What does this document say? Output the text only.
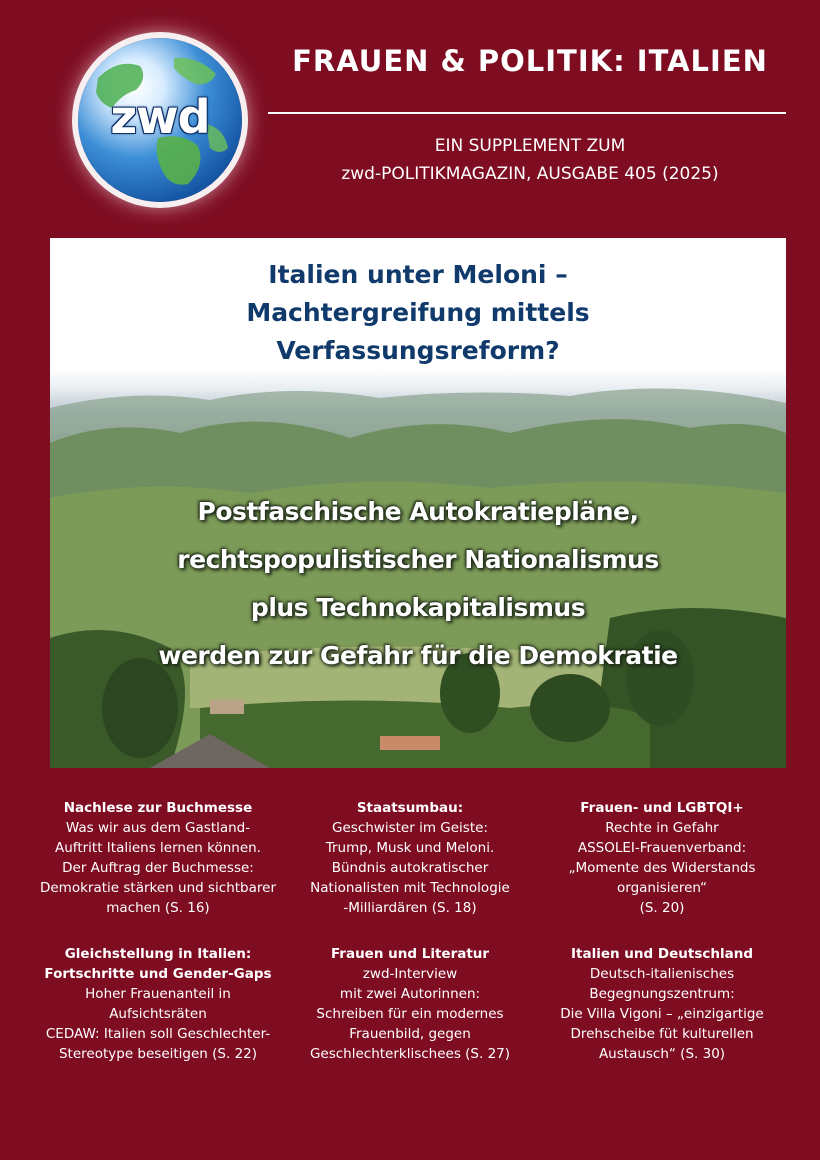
zwd
FRAUEN & POLITIK: ITALIEN
EIN SUPPLEMENT ZUM
zwd-POLITIKMAGAZIN, AUSGABE 405 (2025)
Italien unter Meloni –
Machtergreifung mittels
Verfassungsreform?
Postfaschische Autokratiepläne,
rechtspopulistischer Nationalismus
plus Technokapitalismus
werden zur Gefahr für die Demokratie
Nachlese zur Buchmesse
Was wir aus dem Gastland-
Auftritt Italiens lernen können.
Der Auftrag der Buchmesse:
Demokratie stärken und sichtbarer
machen (S. 16)
Staatsumbau:
Geschwister im Geiste:
Trump, Musk und Meloni.
Bündnis autokratischer
Nationalisten mit Technologie
-Milliardären (S. 18)
Frauen- und LGBTQI+
Rechte in Gefahr
ASSOLEI-Frauenverband:
„Momente des Widerstands
organisieren“
(S. 20)
Gleichstellung in Italien:
Fortschritte und Gender-Gaps
Hoher Frauenanteil in
Aufsichtsräten
CEDAW: Italien soll Geschlechter-
Stereotype beseitigen (S. 22)
Frauen und Literatur
zwd-Interview
mit zwei Autorinnen:
Schreiben für ein modernes
Frauenbild, gegen
Geschlechterklischees (S. 27)
Italien und Deutschland
Deutsch-italienisches
Begegnungszentrum:
Die Villa Vigoni – „einzigartige
Drehscheibe füt kulturellen
Austausch“ (S. 30)
